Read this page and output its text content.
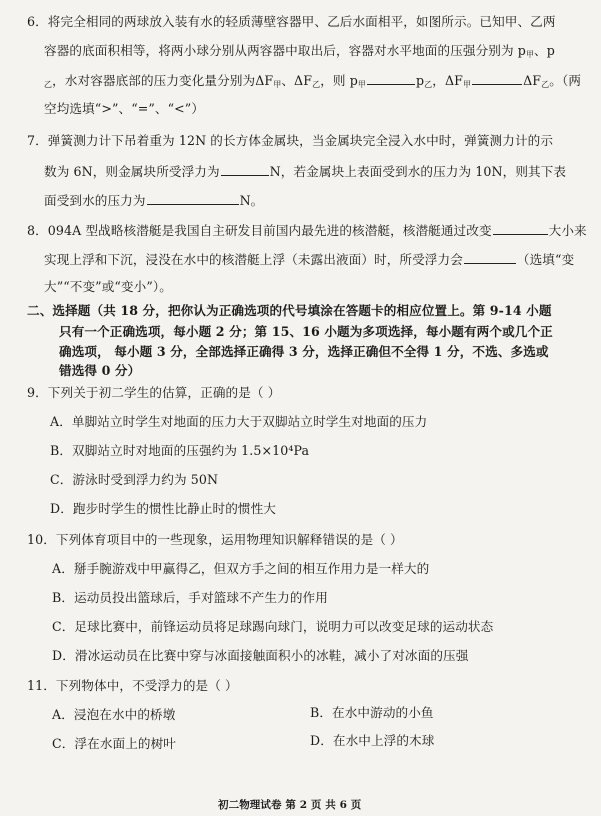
6．将完全相同的两球放入装有水的轻质薄壁容器甲、乙后水面相平，如图所示。已知甲、乙两
容器的底面积相等，将两小球分别从两容器中取出后，容器对水平地面的压强分别为 $p_甲$、p
$_乙$，水对容器底部的压力变化量分别为$\Delta F_甲$、$\Delta F_乙$，则 $p_甲$	$p_乙$，$\Delta F_甲$	$\Delta F_乙$。（两
空均选填“>”、“=”、“<”）
7．弹簧测力计下吊着重为 12N 的长方体金属块，当金属块完全浸入水中时，弹簧测力计的示
数为 6N，则金属块所受浮力为	N，若金属块上表面受到水的压力为 10N，则其下表
面受到水的压力为	N。
8．094A 型战略核潜艇是我国自主研发目前国内最先进的核潜艇，核潜艇通过改变	大小来
实现上浮和下沉，浸没在水中的核潜艇上浮（未露出液面）时，所受浮力会	（选填“变
大”“不变”或“变小”）。
二、选择题（共 18 分，把你认为正确选项的代号填涂在答题卡的相应位置上。第 9-14 小题
只有一个正确选项，每小题 2 分；第 15、16 小题为多项选择，每小题有两个或几个正
确选项， 每小题 3 分，全部选择正确得 3 分，选择正确但不全得 1 分，不选、多选或
错选得 0 分）
9．下列关于初二学生的估算，正确的是（ ）
A．单脚站立时学生对地面的压力大于双脚站立时学生对地面的压力
B．双脚站立时对地面的压强约为 1.5×10⁴Pa
C．游泳时受到浮力约为 50N
D．跑步时学生的惯性比静止时的惯性大
10．下列体育项目中的一些现象，运用物理知识解释错误的是（ ）
A．掰手腕游戏中甲赢得乙，但双方手之间的相互作用力是一样大的
B．运动员投出篮球后，手对篮球不产生力的作用
C．足球比赛中，前锋运动员将足球踢向球门，说明力可以改变足球的运动状态
D．滑冰运动员在比赛中穿与冰面接触面积小的冰鞋，减小了对冰面的压强
11．下列物体中，不受浮力的是（ ）
A．浸泡在水中的桥墩	B．在水中游动的小鱼
C．浮在水面上的树叶	D．在水中上浮的木球
初二物理试卷 第 2 页 共 6 页
